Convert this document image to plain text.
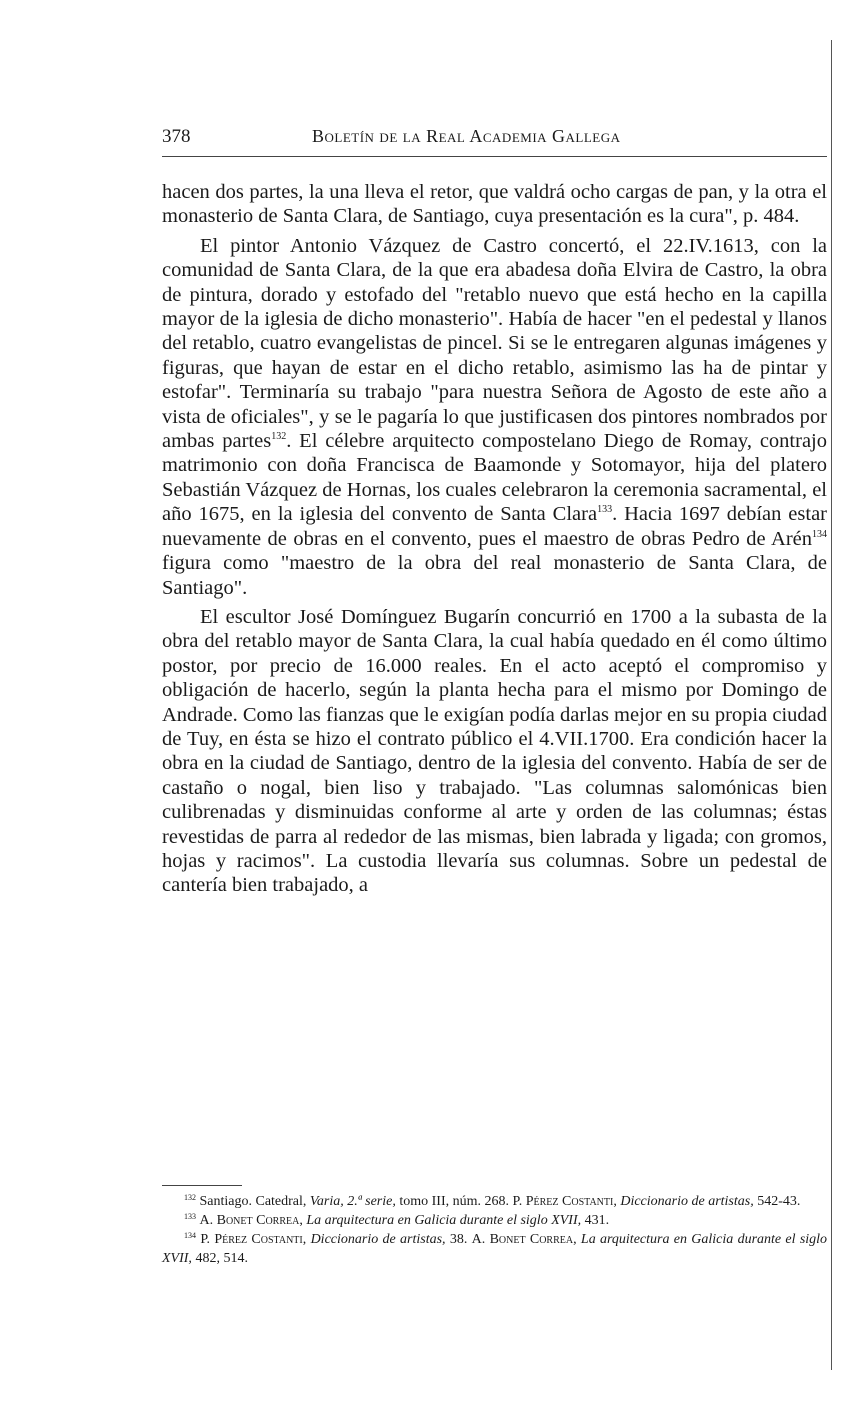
378	Boletín de la Real Academia Gallega

hacen dos partes, la una lleva el retor, que valdrá ocho cargas de pan, y la otra el monasterio de Santa Clara, de Santiago, cuya presentación es la cura", p. 484.

El pintor Antonio Vázquez de Castro concertó, el 22.IV.1613, con la comunidad de Santa Clara, de la que era abadesa doña Elvira de Castro, la obra de pintura, dorado y estofado del "retablo nuevo que está hecho en la capilla mayor de la iglesia de dicho monasterio". Había de hacer "en el pedestal y llanos del retablo, cuatro evangelistas de pincel. Si se le entregaren algunas imágenes y figuras, que hayan de estar en el dicho retablo, asimismo las ha de pintar y estofar". Terminaría su trabajo "para nuestra Señora de Agosto de este año a vista de oficiales", y se le pagaría lo que justificasen dos pintores nombrados por ambas partes$^{132}$. El célebre arquitecto compostelano Diego de Romay, contrajo matrimonio con doña Francisca de Baamonde y Sotomayor, hija del platero Sebastián Vázquez de Hornas, los cuales celebraron la ceremonia sacramental, el año 1675, en la iglesia del convento de Santa Clara$^{133}$. Hacia 1697 debían estar nuevamente de obras en el convento, pues el maestro de obras Pedro de Arén$^{134}$ figura como "maestro de la obra del real monasterio de Santa Clara, de Santiago".

El escultor José Domínguez Bugarín concurrió en 1700 a la subasta de la obra del retablo mayor de Santa Clara, la cual había quedado en él como último postor, por precio de 16.000 reales. En el acto aceptó el compromiso y obligación de hacerlo, según la planta hecha para el mismo por Domingo de Andrade. Como las fianzas que le exigían podía darlas mejor en su propia ciudad de Tuy, en ésta se hizo el contrato público el 4.VII.1700. Era condición hacer la obra en la ciudad de Santiago, dentro de la iglesia del convento. Había de ser de castaño o nogal, bien liso y trabajado. "Las columnas salomónicas bien culibrenadas y disminuidas conforme al arte y orden de las columnas; éstas revestidas de parra al rededor de las mismas, bien labrada y ligada; con gromos, hojas y racimos". La custodia llevaría sus columnas. Sobre un pedestal de cantería bien trabajado, a

$^{132}$ Santiago. Catedral, Varia, 2.ª serie, tomo III, núm. 268. P. Pérez Costanti, Diccionario de artistas, 542-43.

$^{133}$ A. Bonet Correa, La arquitectura en Galicia durante el siglo XVII, 431.

$^{134}$ P. Pérez Costanti, Diccionario de artistas, 38. A. Bonet Correa, La arquitectura en Galicia durante el siglo XVII, 482, 514.
